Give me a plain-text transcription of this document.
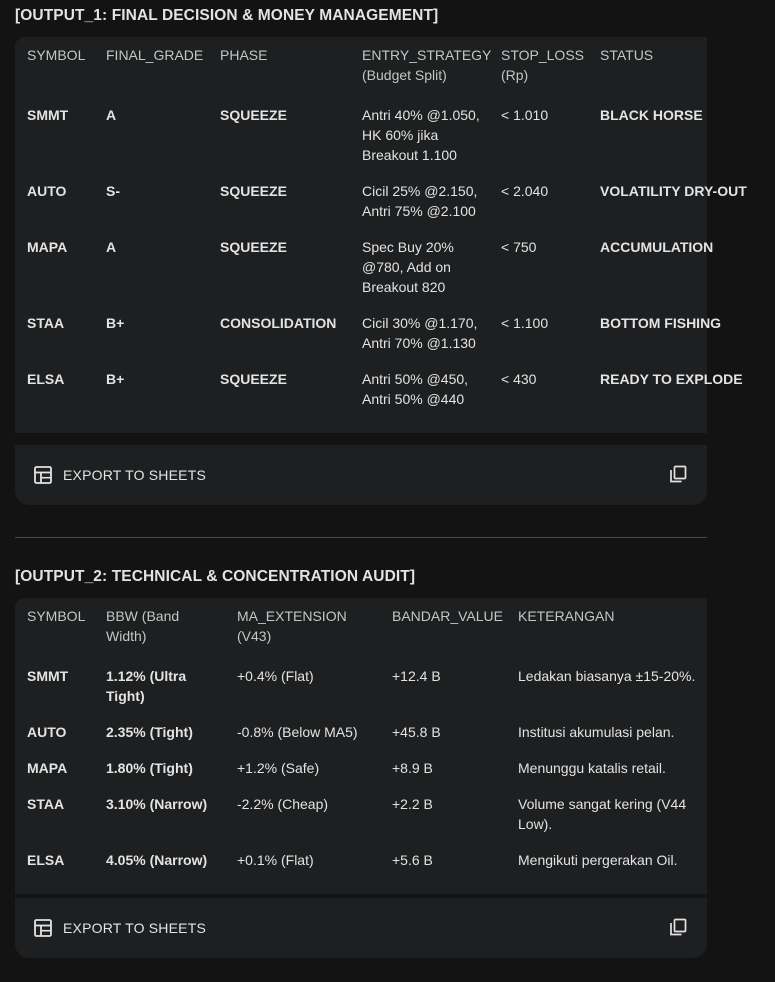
[OUTPUT_1: FINAL DECISION & MONEY MANAGEMENT]
SYMBOL	FINAL_GRADE	PHASE	ENTRY_STRATEGY (Budget Split)	STOP_LOSS (Rp)	STATUS
SMMT	A	SQUEEZE	Antri 40% @1.050, HK 60% jika Breakout 1.100	< 1.010	BLACK HORSE
AUTO	S-	SQUEEZE	Cicil 25% @2.150, Antri 75% @2.100	< 2.040	VOLATILITY DRY-OUT
MAPA	A	SQUEEZE	Spec Buy 20% @780, Add on Breakout 820	< 750	ACCUMULATION
STAA	B+	CONSOLIDATION	Cicil 30% @1.170, Antri 70% @1.130	< 1.100	BOTTOM FISHING
ELSA	B+	SQUEEZE	Antri 50% @450, Antri 50% @440	< 430	READY TO EXPLODE
EXPORT TO SHEETS
[OUTPUT_2: TECHNICAL & CONCENTRATION AUDIT]
SYMBOL	BBW (Band Width)	MA_EXTENSION (V43)	BANDAR_VALUE	KETERANGAN
SMMT	1.12% (Ultra Tight)	+0.4% (Flat)	+12.4 B	Ledakan biasanya ±15-20%.
AUTO	2.35% (Tight)	-0.8% (Below MA5)	+45.8 B	Institusi akumulasi pelan.
MAPA	1.80% (Tight)	+1.2% (Safe)	+8.9 B	Menunggu katalis retail.
STAA	3.10% (Narrow)	-2.2% (Cheap)	+2.2 B	Volume sangat kering (V44 Low).
ELSA	4.05% (Narrow)	+0.1% (Flat)	+5.6 B	Mengikuti pergerakan Oil.
EXPORT TO SHEETS
